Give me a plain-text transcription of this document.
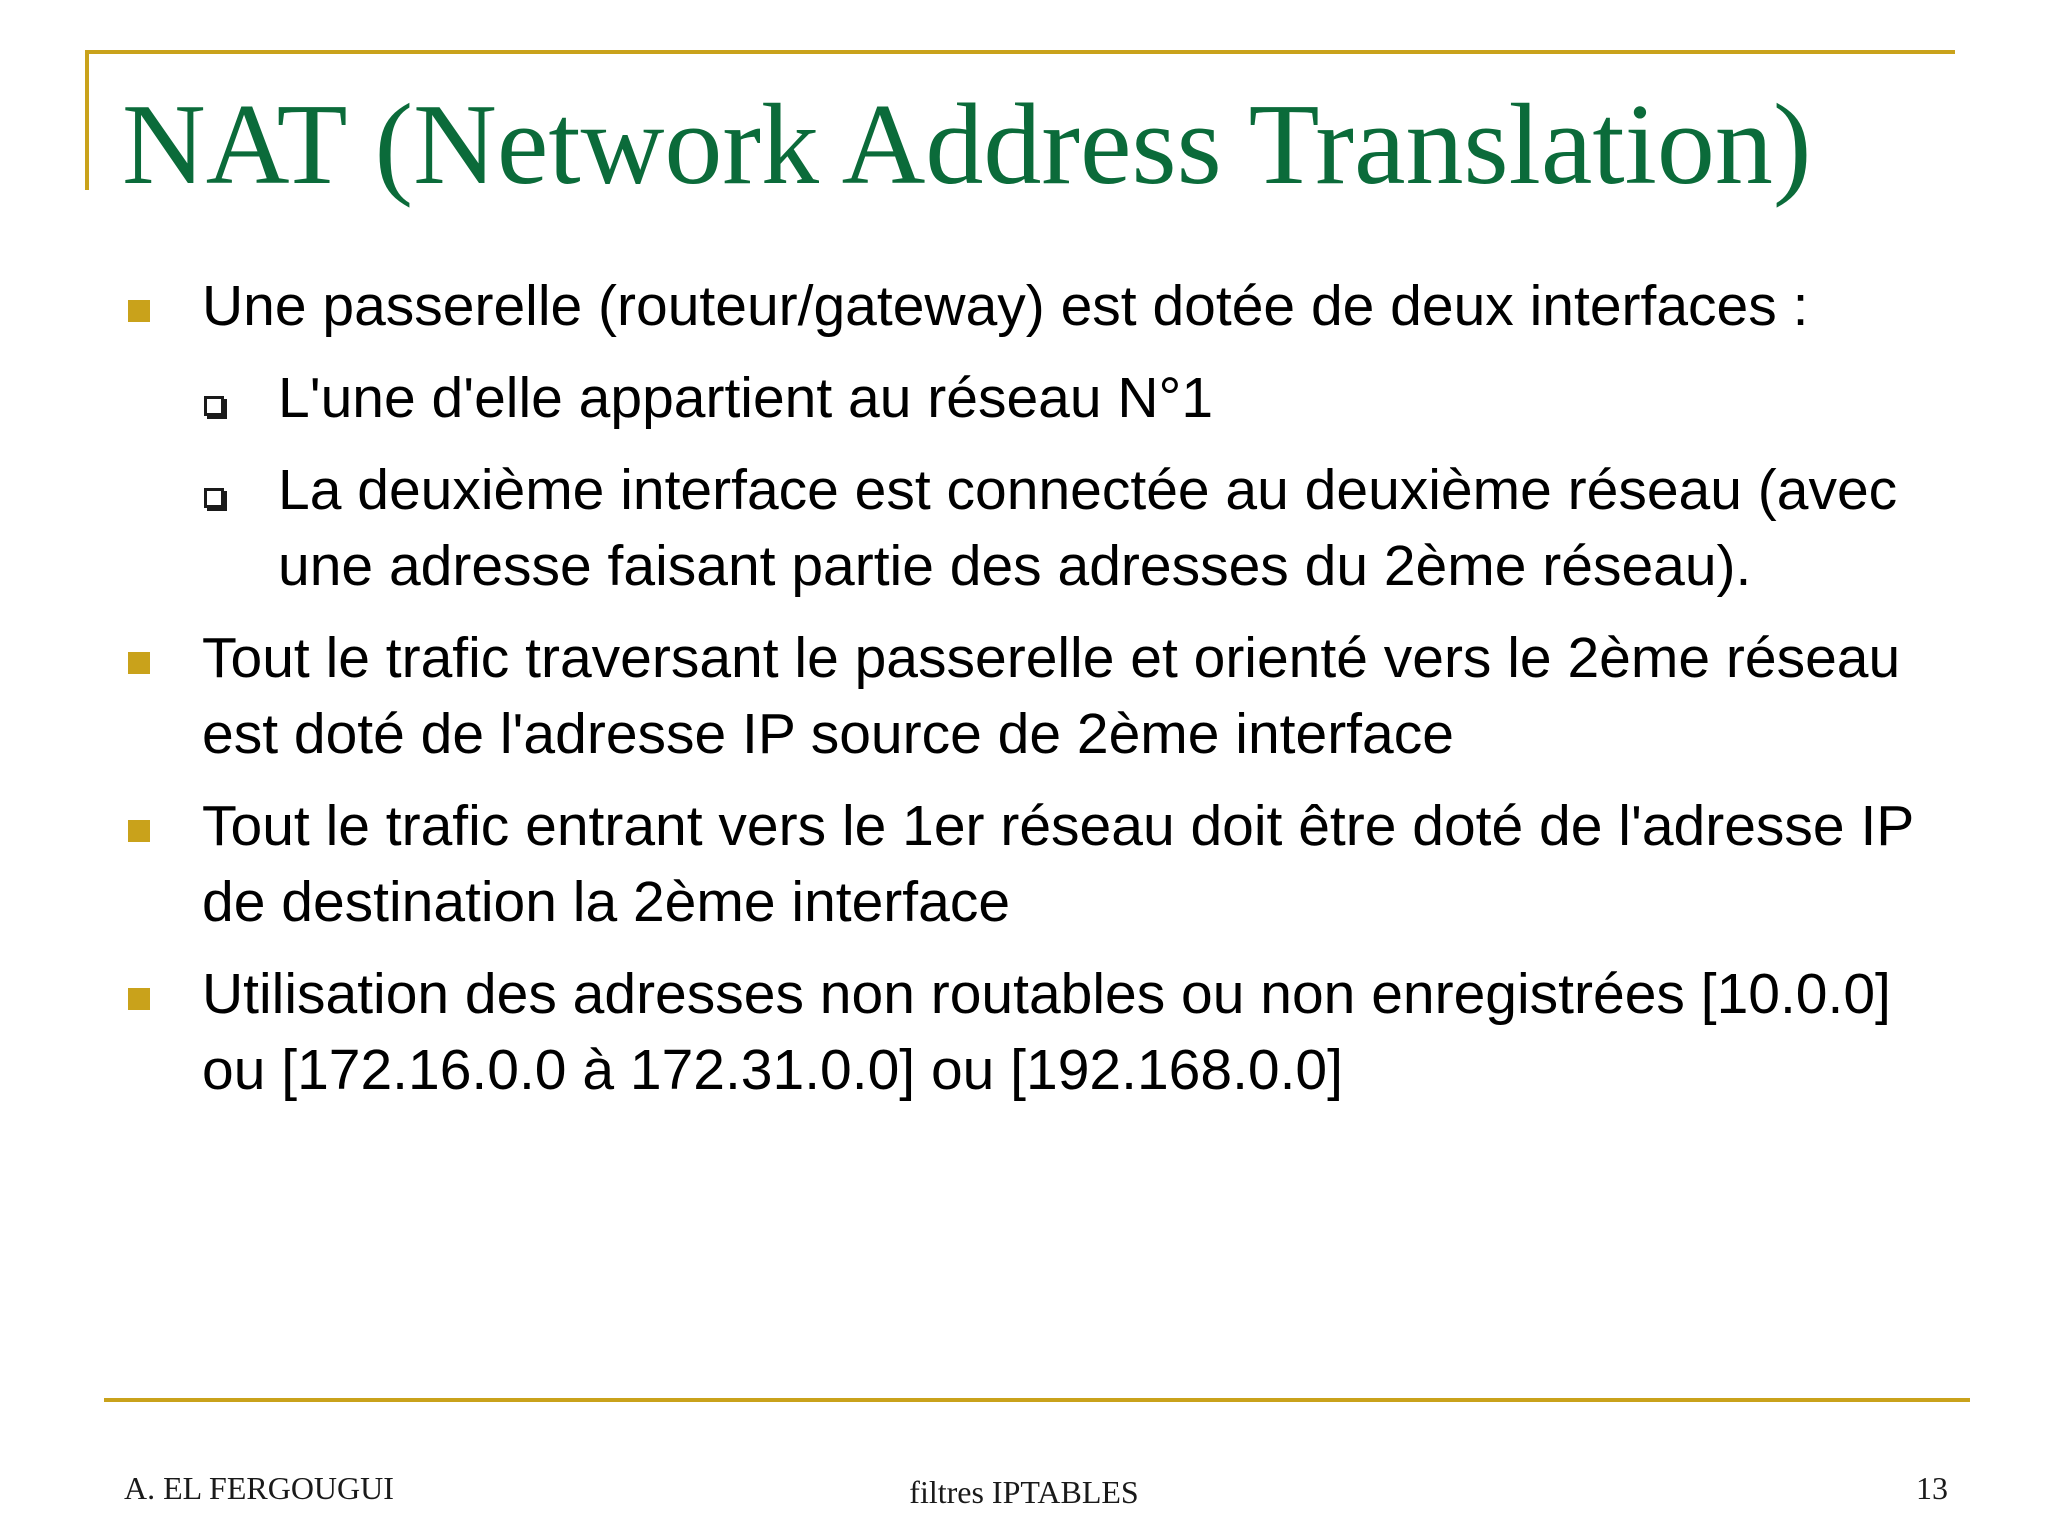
NAT (Network Address Translation)
Une passerelle (routeur/gateway) est dotée de deux interfaces :
L'une d'elle appartient au réseau N°1
La deuxième interface est connectée au deuxième réseau (avec une adresse faisant partie des adresses du 2ème réseau).
Tout le trafic traversant le passerelle et orienté vers le 2ème réseau est doté de l'adresse IP source de 2ème interface
Tout le trafic entrant vers le 1er réseau doit être doté de l'adresse IP de destination la 2ème interface
Utilisation des adresses non routables ou non enregistrées [10.0.0] ou [172.16.0.0 à 172.31.0.0] ou [192.168.0.0]
A. EL FERGOUGUI	filtres IPTABLES	13
